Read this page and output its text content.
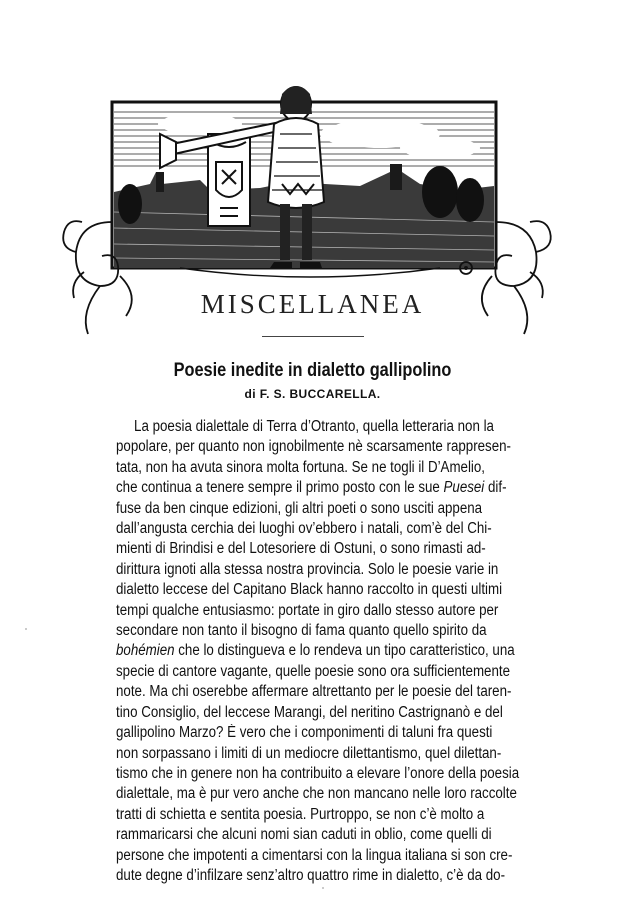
MISCELLANEA
Poesie inedite in dialetto gallipolino
di F. S. BUCCARELLA.
La poesia dialettale di Terra d’Otranto, quella letteraria non la
popolare, per quanto non ignobilmente nè scarsamente rappresen-
tata, non ha avuta sinora molta fortuna. Se ne togli il D’Amelio,
che continua a tenere sempre il primo posto con le sue Puesei dif-
fuse da ben cinque edizioni, gli altri poeti o sono usciti appena
dall’angusta cerchia dei luoghi ov’ebbero i natali, com’è del Chi-
mienti di Brindisi e del Lotesoriere di Ostuni, o sono rimasti ad-
dirittura ignoti alla stessa nostra provincia. Solo le poesie varie in
dialetto leccese del Capitano Black hanno raccolto in questi ultimi
tempi qualche entusiasmo: portate in giro dallo stesso autore per
secondare non tanto il bisogno di fama quanto quello spirito da
bohémien che lo distingueva e lo rendeva un tipo caratteristico, una
specie di cantore vagante, quelle poesie sono ora sufficientemente
note. Ma chi oserebbe affermare altrettanto per le poesie del taren-
tino Consiglio, del leccese Marangi, del neritino Castrignanò e del
gallipolino Marzo? È vero che i componimenti di taluni fra questi
non sorpassano i limiti di un mediocre dilettantismo, quel dilettan-
tismo che in genere non ha contribuito a elevare l’onore della poesia
dialettale, ma è pur vero anche che non mancano nelle loro raccolte
tratti di schietta e sentita poesia. Purtroppo, se non c’è molto a
rammaricarsi che alcuni nomi sian caduti in oblio, come quelli di
persone che impotenti a cimentarsi con la lingua italiana si son cre-
dute degne d’infilzare senz’altro quattro rime in dialetto, c’è da do-
